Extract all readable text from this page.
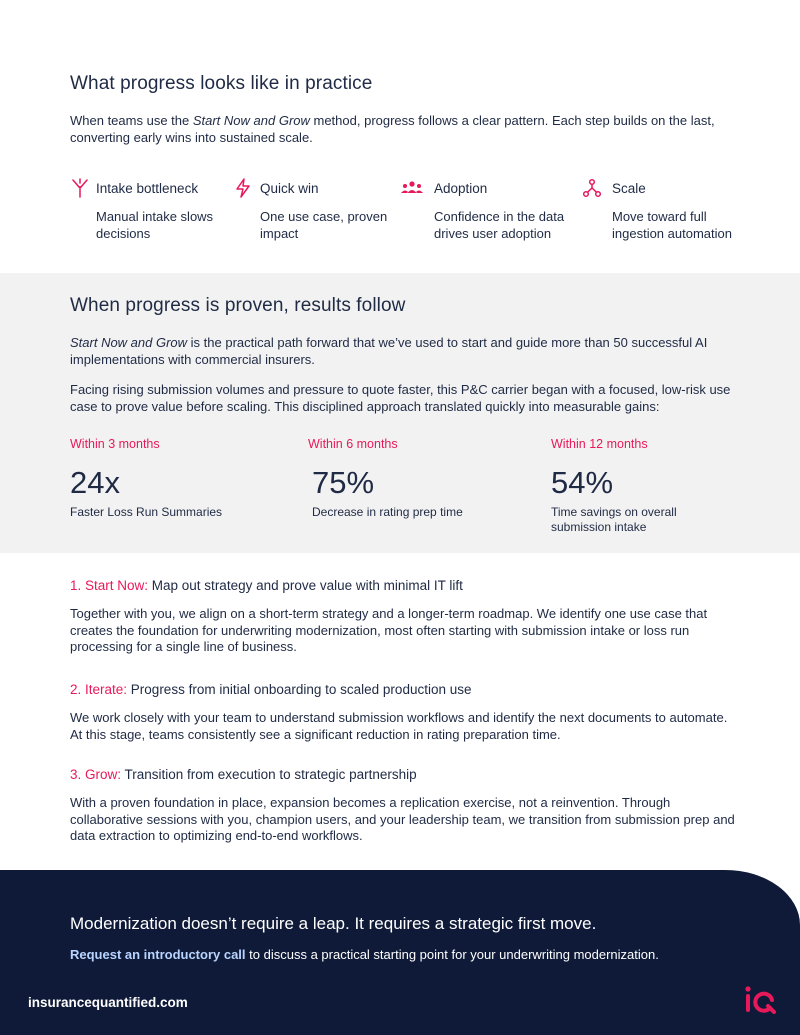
What progress looks like in practice
When teams use the Start Now and Grow method, progress follows a clear pattern. Each step builds on the last, converting early wins into sustained scale.
Intake bottleneck
Manual intake slows decisions
Quick win
One use case, proven impact
Adoption
Confidence in the data drives user adoption
Scale
Move toward full ingestion automation
When progress is proven, results follow
Start Now and Grow is the practical path forward that we’ve used to start and guide more than 50 successful AI implementations with commercial insurers.
Facing rising submission volumes and pressure to quote faster, this P&C carrier began with a focused, low-risk use case to prove value before scaling. This disciplined approach translated quickly into measurable gains:
Within 3 months
24x
Faster Loss Run Summaries
Within 6 months
75%
Decrease in rating prep time
Within 12 months
54%
Time savings on overall submission intake
1. Start Now: Map out strategy and prove value with minimal IT lift
Together with you, we align on a short-term strategy and a longer-term roadmap. We identify one use case that creates the foundation for underwriting modernization, most often starting with submission intake or loss run processing for a single line of business.
2. Iterate: Progress from initial onboarding to scaled production use
We work closely with your team to understand submission workflows and identify the next documents to automate. At this stage, teams consistently see a significant reduction in rating preparation time.
3. Grow: Transition from execution to strategic partnership
With a proven foundation in place, expansion becomes a replication exercise, not a reinvention. Through collaborative sessions with you, champion users, and your leadership team, we transition from submission prep and data extraction to optimizing end-to-end workflows.
Modernization doesn’t require a leap. It requires a strategic first move.
Request an introductory call to discuss a practical starting point for your underwriting modernization.
insurancequantified.com
